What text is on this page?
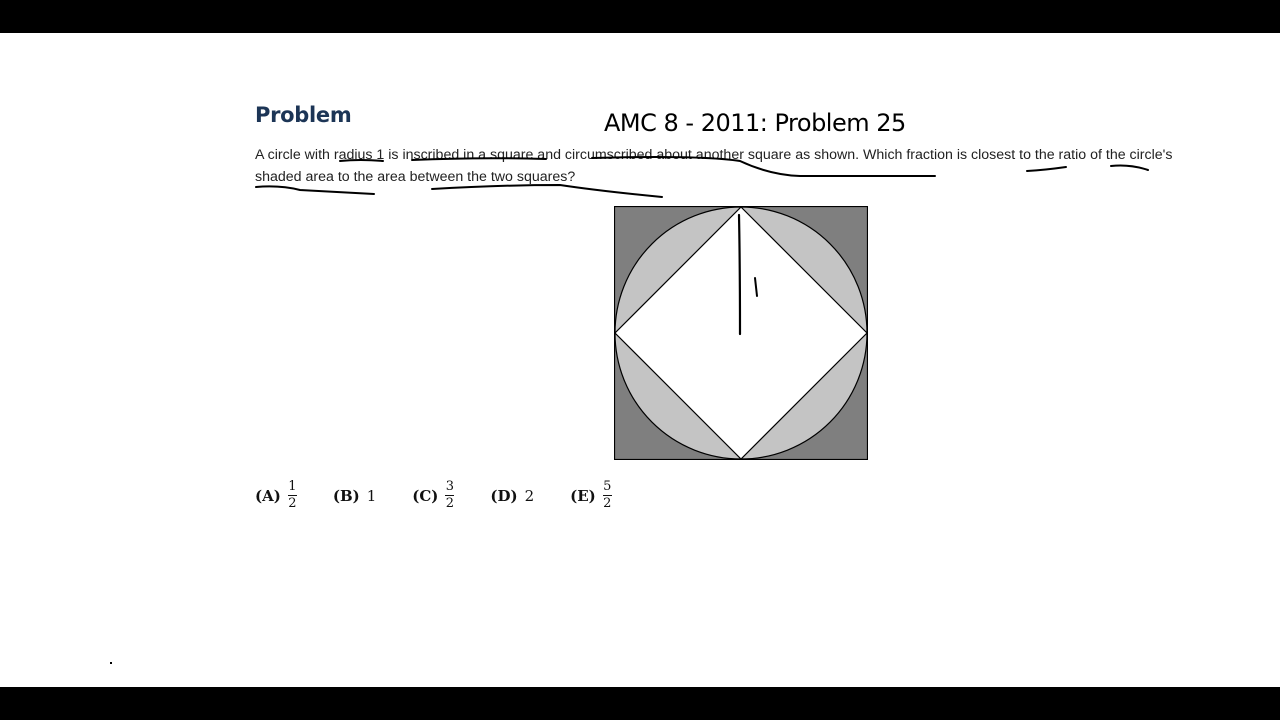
Problem	AMC 8 - 2011: Problem 25
A circle with radius 1 is inscribed in a square and circumscribed about another square as shown. Which fraction is closest to the ratio of the circle's shaded area to the area between the two squares?
$(A) \frac{1}{2} (B)$ 1 $(C) \frac{3}{2} (D)$ 2 $(E) \frac{5}{2}$
